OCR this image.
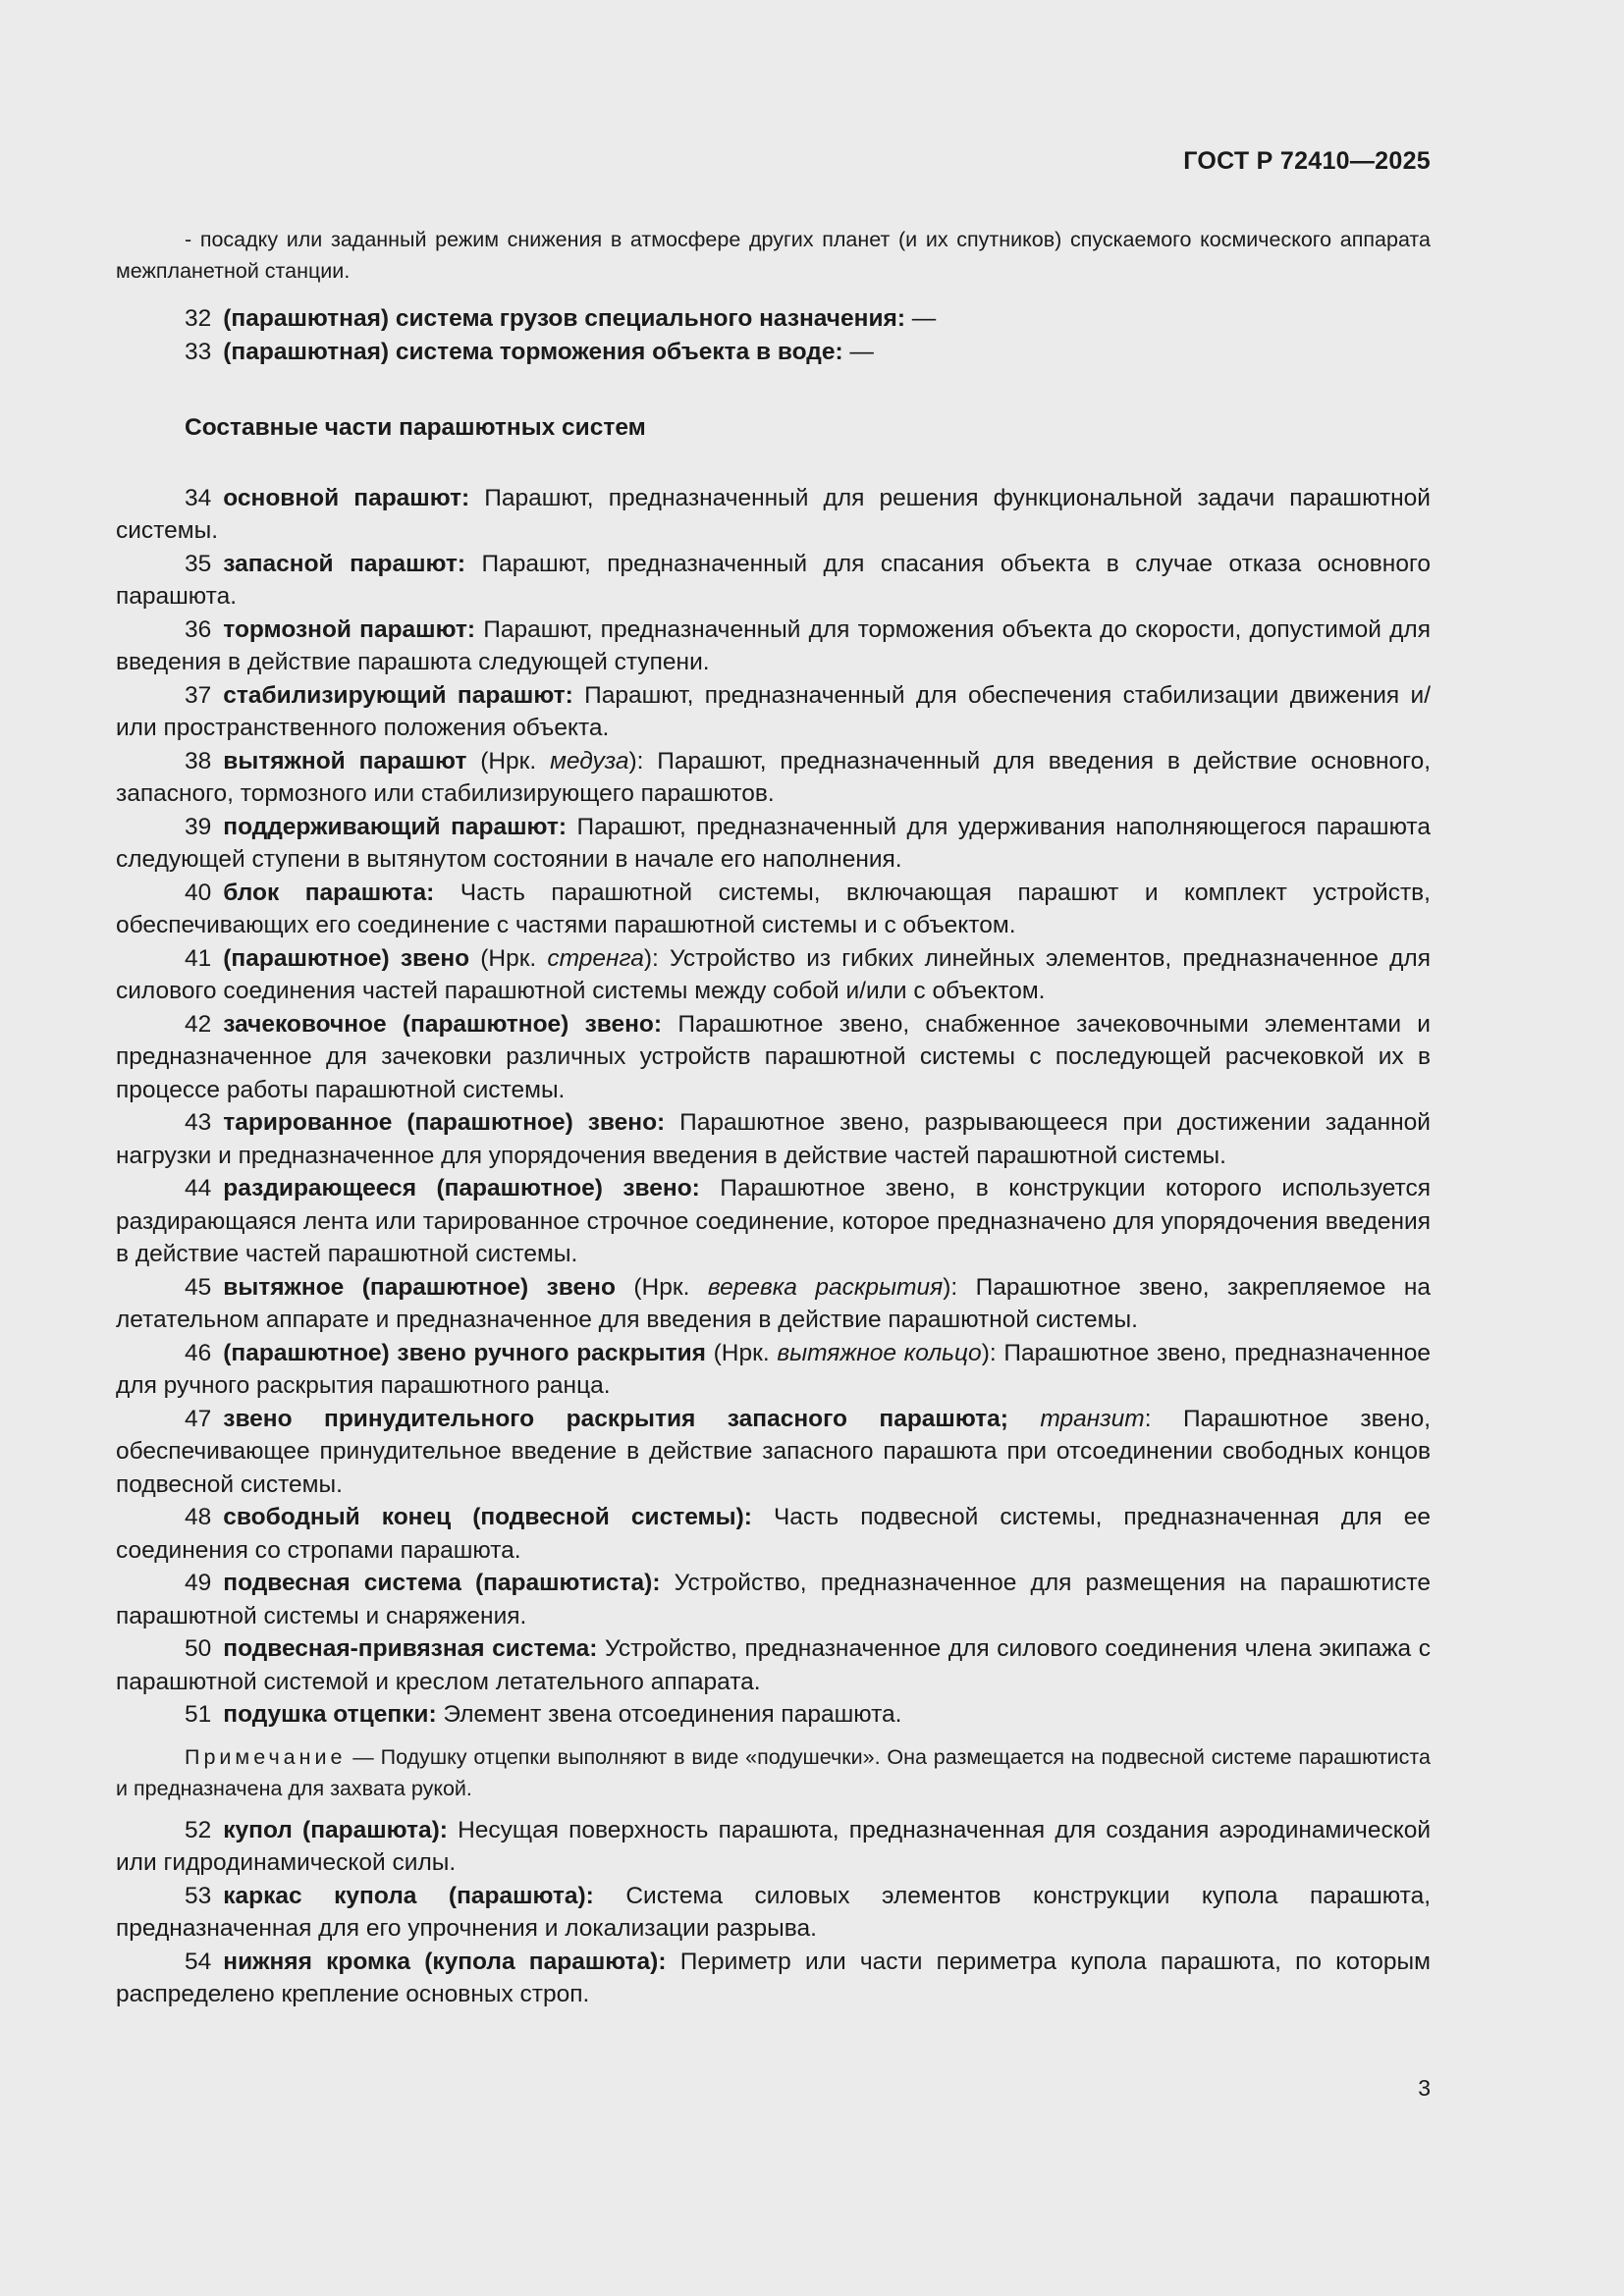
ГОСТ Р 72410—2025

- посадку или заданный режим снижения в атмосфере других планет (и их спутников) спускаемого космического аппарата межпланетной станции.

32 (парашютная) система грузов специального назначения: —

33 (парашютная) система торможения объекта в воде: —

Составные части парашютных систем

34 основной парашют: Парашют, предназначенный для решения функциональной задачи парашютной системы.

35 запасной парашют: Парашют, предназначенный для спасания объекта в случае отказа основного парашюта.

36 тормозной парашют: Парашют, предназначенный для торможения объекта до скорости, допустимой для введения в действие парашюта следующей ступени.

37 стабилизирующий парашют: Парашют, предназначенный для обеспечения стабилизации движения и/или пространственного положения объекта.

38 вытяжной парашют (Нрк. медуза): Парашют, предназначенный для введения в действие основного, запасного, тормозного или стабилизирующего парашютов.

39 поддерживающий парашют: Парашют, предназначенный для удерживания наполняющегося парашюта следующей ступени в вытянутом состоянии в начале его наполнения.

40 блок парашюта: Часть парашютной системы, включающая парашют и комплект устройств, обеспечивающих его соединение с частями парашютной системы и с объектом.

41 (парашютное) звено (Нрк. стренга): Устройство из гибких линейных элементов, предназначенное для силового соединения частей парашютной системы между собой и/или с объектом.

42 зачековочное (парашютное) звено: Парашютное звено, снабженное зачековочными элементами и предназначенное для зачековки различных устройств парашютной системы с последующей расчековкой их в процессе работы парашютной системы.

43 тарированное (парашютное) звено: Парашютное звено, разрывающееся при достижении заданной нагрузки и предназначенное для упорядочения введения в действие частей парашютной системы.

44 раздирающееся (парашютное) звено: Парашютное звено, в конструкции которого используется раздирающаяся лента или тарированное строчное соединение, которое предназначено для упорядочения введения в действие частей парашютной системы.

45 вытяжное (парашютное) звено (Нрк. веревка раскрытия): Парашютное звено, закрепляемое на летательном аппарате и предназначенное для введения в действие парашютной системы.

46 (парашютное) звено ручного раскрытия (Нрк. вытяжное кольцо): Парашютное звено, предназначенное для ручного раскрытия парашютного ранца.

47 звено принудительного раскрытия запасного парашюта; транзит: Парашютное звено, обеспечивающее принудительное введение в действие запасного парашюта при отсоединении свободных концов подвесной системы.

48 свободный конец (подвесной системы): Часть подвесной системы, предназначенная для ее соединения со стропами парашюта.

49 подвесная система (парашютиста): Устройство, предназначенное для размещения на парашютисте парашютной системы и снаряжения.

50 подвесная-привязная система: Устройство, предназначенное для силового соединения члена экипажа с парашютной системой и креслом летательного аппарата.

51 подушка отцепки: Элемент звена отсоединения парашюта.

Примечание — Подушку отцепки выполняют в виде «подушечки». Она размещается на подвесной системе парашютиста и предназначена для захвата рукой.

52 купол (парашюта): Несущая поверхность парашюта, предназначенная для создания аэродинамической или гидродинамической силы.

53 каркас купола (парашюта): Система силовых элементов конструкции купола парашюта, предназначенная для его упрочнения и локализации разрыва.

54 нижняя кромка (купола парашюта): Периметр или части периметра купола парашюта, по которым распределено крепление основных строп.

3
